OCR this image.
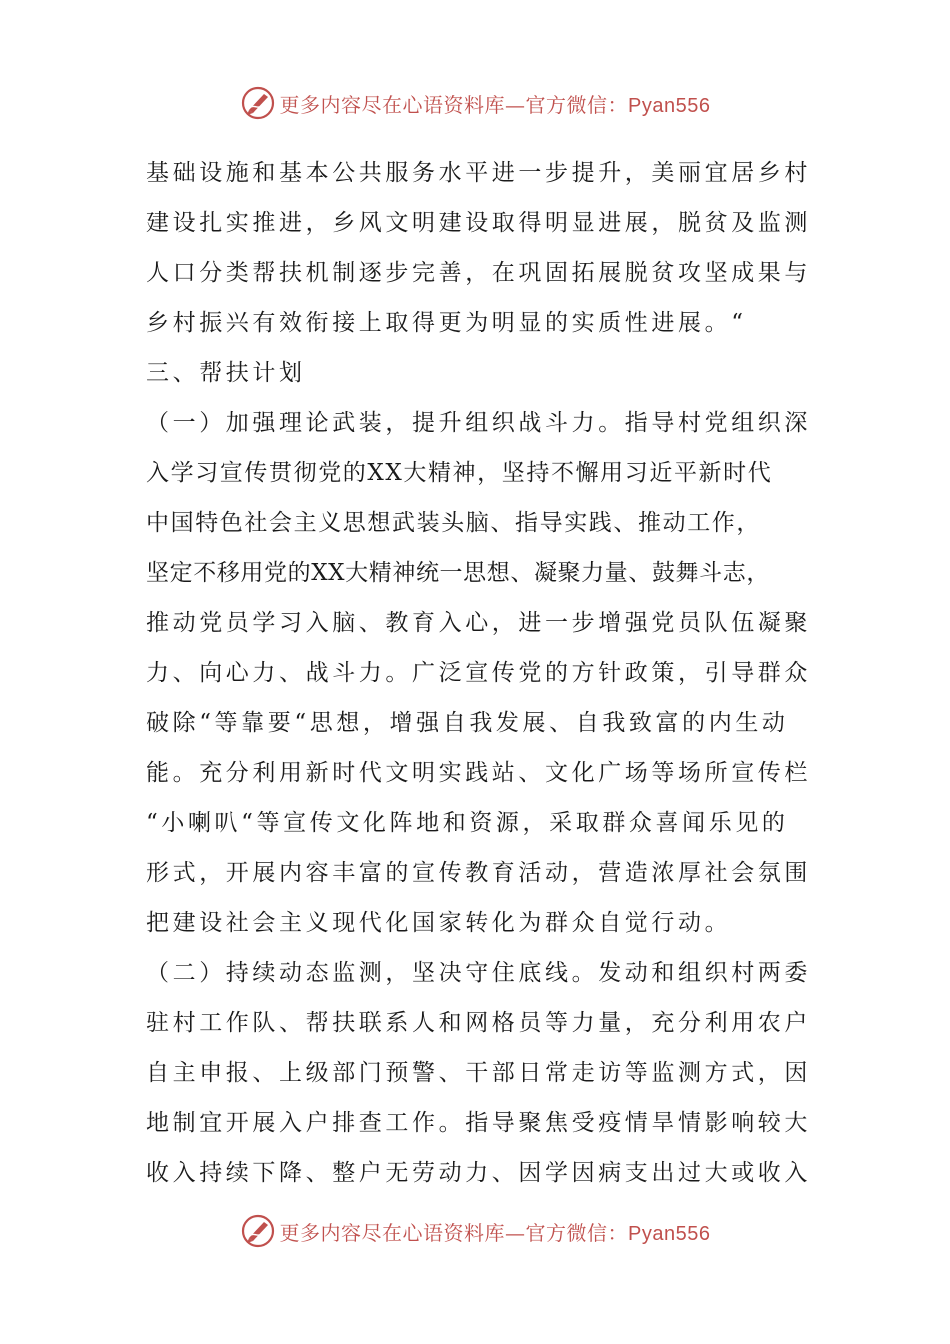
更多内容尽在心语资料库—官方微信：Pyan556
基础设施和基本公共服务水平进一步提升，美丽宜居乡村
建设扎实推进，乡风文明建设取得明显进展，脱贫及监测
人口分类帮扶机制逐步完善，在巩固拓展脱贫攻坚成果与
乡村振兴有效衔接上取得更为明显的实质性进展。“
三、帮扶计划
（一）加强理论武装，提升组织战斗力。指导村党组织深
入学习宣传贯彻党的XX大精神，坚持不懈用习近平新时代
中国特色社会主义思想武装头脑、指导实践、推动工作，
坚定不移用党的XX大精神统一思想、凝聚力量、鼓舞斗志，
推动党员学习入脑、教育入心，进一步增强党员队伍凝聚
力、向心力、战斗力。广泛宣传党的方针政策，引导群众
破除“等靠要“思想，增强自我发展、自我致富的内生动
能。充分利用新时代文明实践站、文化广场等场所宣传栏
“小喇叭“等宣传文化阵地和资源，采取群众喜闻乐见的
形式，开展内容丰富的宣传教育活动，营造浓厚社会氛围
把建设社会主义现代化国家转化为群众自觉行动。
（二）持续动态监测，坚决守住底线。发动和组织村两委
驻村工作队、帮扶联系人和网格员等力量，充分利用农户
自主申报、上级部门预警、干部日常走访等监测方式，因
地制宜开展入户排查工作。指导聚焦受疫情旱情影响较大
收入持续下降、整户无劳动力、因学因病支出过大或收入
更多内容尽在心语资料库—官方微信：Pyan556
